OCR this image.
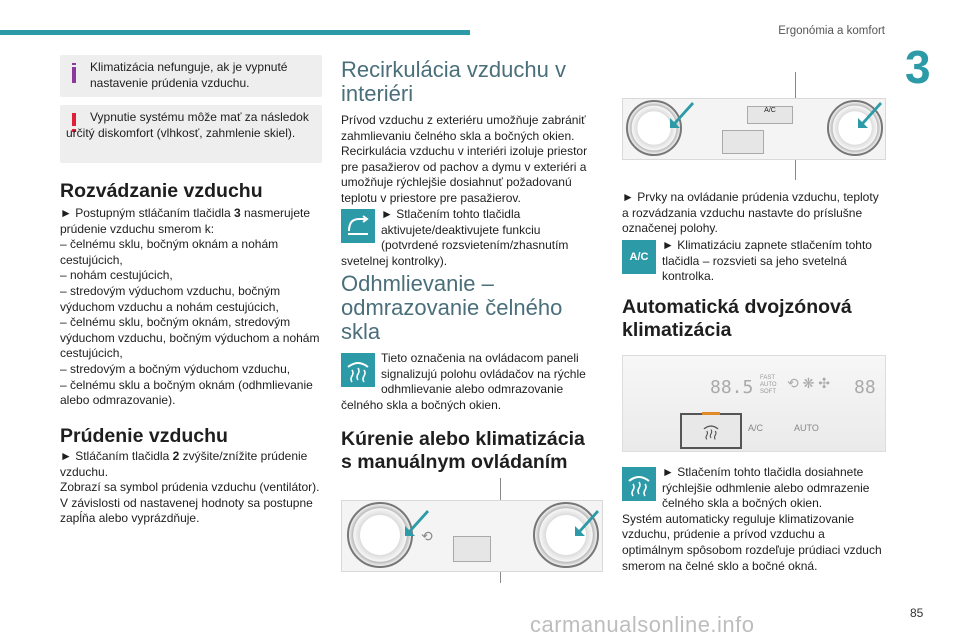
Ergonómia a komfort
3
Klimatizácia nefunguje, ak je vypnuté nastavenie prúdenia vzduchu.
Vypnutie systému môže mať za následok určitý diskomfort (vlhkosť, zahmlenie skiel).
Rozvádzanie vzduchu
► Postupným stláčaním tlačidla 3 nasmerujete prúdenie vzduchu smerom k:
– čelnému sklu, bočným oknám a nohám cestujúcich,
– nohám cestujúcich,
– stredovým výduchom vzduchu, bočným výduchom vzduchu a nohám cestujúcich,
– čelnému sklu, bočným oknám, stredovým výduchom vzduchu, bočným výduchom a nohám cestujúcich,
– stredovým a bočným výduchom vzduchu,
– čelnému sklu a bočným oknám (odhmlievanie alebo odmrazovanie).
Prúdenie vzduchu
► Stláčaním tlačidla 2 zvýšite/znížite prúdenie vzduchu.
Zobrazí sa symbol prúdenia vzduchu (ventilátor). V závislosti od nastavenej hodnoty sa postupne zapĺňa alebo vyprázdňuje.
Recirkulácia vzduchu v interiéri
Prívod vzduchu z exteriéru umožňuje zabrániť zahmlievaniu čelného skla a bočných okien. Recirkulácia vzduchu v interiéri izoluje priestor pre pasažierov od pachov a dymu v exteriéri a umožňuje rýchlejšie dosiahnuť požadovanú teplotu v priestore pre pasažierov.
► Stlačením tohto tlačidla aktivujete/deaktivujete funkciu (potvrdené rozsvietením/zhasnutím svetelnej kontrolky).
Odhmlievanie – odmrazovanie čelného skla
Tieto označenia na ovládacom paneli signalizujú polohu ovládačov na rýchle odhmlievanie alebo odmrazovanie čelného skla a bočných okien.
Kúrenie alebo klimatizácia s manuálnym ovládaním
⟲
A/C
► Prvky na ovládanie prúdenia vzduchu, teploty a rozvádzania vzduchu nastavte do príslušne označenej polohy.
A/C
► Klimatizáciu zapnete stlačením tohto tlačidla – rozsvieti sa jeho svetelná kontrolka.
Automatická dvojzónová klimatizácia
88.5 FAST
AUTO
SOFT	88
⟲ ❋ ✣
A/C	AUTO
► Stlačením tohto tlačidla dosiahnete rýchlejšie odhmlenie alebo odmrazenie čelného skla a bočných okien.
Systém automaticky reguluje klimatizovanie vzduchu, prúdenie a prívod vzduchu a optimálnym spôsobom rozdeľuje prúdiaci vzduch smerom na čelné sklo a bočné okná.
carmanualsonline.info	85
